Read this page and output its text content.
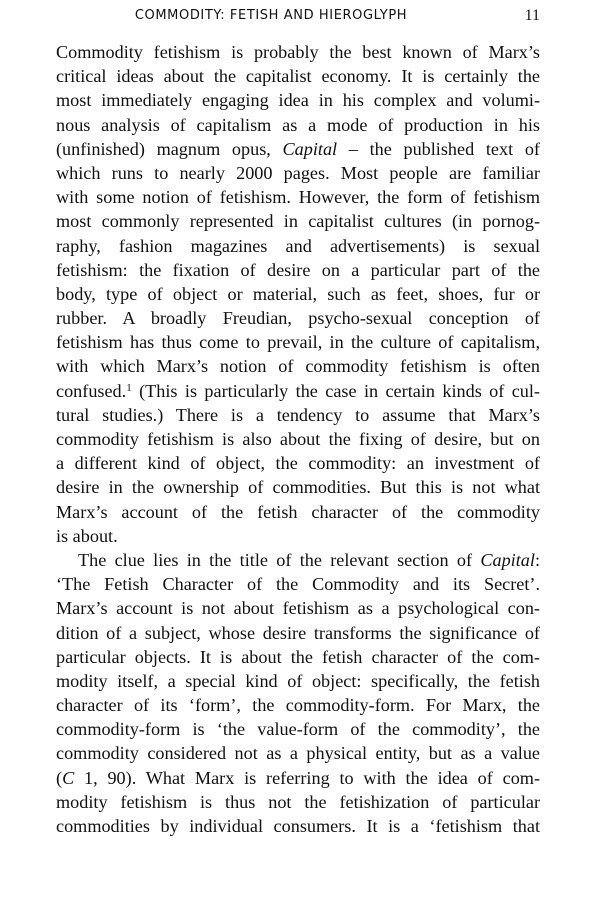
COMMODITY: FETISH AND HIEROGLYPH	11
Commodity fetishism is probably the best known of Marx’s
critical ideas about the capitalist economy. It is certainly the
most immediately engaging idea in his complex and volumi-
nous analysis of capitalism as a mode of production in his
(unfinished) magnum opus, Capital – the published text of
which runs to nearly 2000 pages. Most people are familiar
with some notion of fetishism. However, the form of fetishism
most commonly represented in capitalist cultures (in pornog-
raphy, fashion magazines and advertisements) is sexual
fetishism: the fixation of desire on a particular part of the
body, type of object or material, such as feet, shoes, fur or
rubber. A broadly Freudian, psycho-sexual conception of
fetishism has thus come to prevail, in the culture of capitalism,
with which Marx’s notion of commodity fetishism is often
confused.$^1$ (This is particularly the case in certain kinds of cul-
tural studies.) There is a tendency to assume that Marx’s
commodity fetishism is also about the fixing of desire, but on
a different kind of object, the commodity: an investment of
desire in the ownership of commodities. But this is not what
Marx’s account of the fetish character of the commodity
is about.
The clue lies in the title of the relevant section of Capital:
‘The Fetish Character of the Commodity and its Secret’.
Marx’s account is not about fetishism as a psychological con-
dition of a subject, whose desire transforms the significance of
particular objects. It is about the fetish character of the com-
modity itself, a special kind of object: specifically, the fetish
character of its ‘form’, the commodity-form. For Marx, the
commodity-form is ‘the value-form of the commodity’, the
commodity considered not as a physical entity, but as a value
(C 1, 90). What Marx is referring to with the idea of com-
modity fetishism is thus not the fetishization of particular
commodities by individual consumers. It is a ‘fetishism that
